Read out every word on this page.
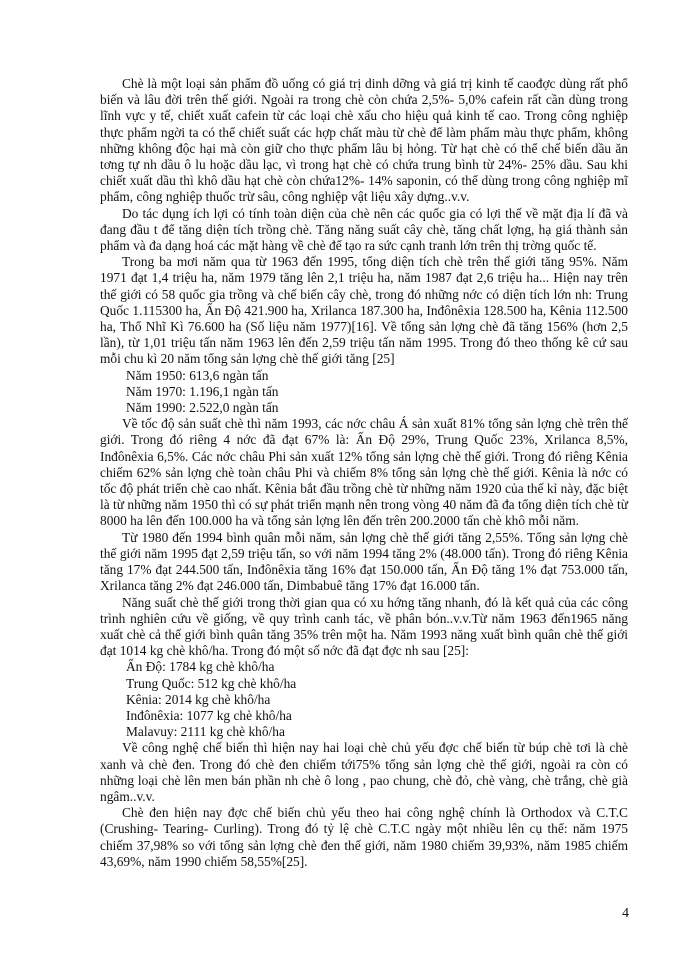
Chè là một loại sản phẩm đồ uống có giá trị dinh dỡng và giá trị kinh tế caođợc dùng rất phổ biến và lâu đời trên thế giới. Ngoài ra trong chè còn chứa 2,5%- 5,0% cafein rất cần dùng trong lĩnh vực y tế, chiết xuất cafein từ các loại chè xấu cho hiệu quả kinh tế cao. Trong công nghiệp thực phẩm ngời ta có thể chiết suất các hợp chất màu từ chè để làm phẩm màu thực phẩm, không những không độc hại mà còn giữ cho thực phẩm lâu bị hỏng. Từ hạt chè có thể chế biến dầu ăn tơng tự nh dầu ô lu hoặc dầu lạc, vì trong hạt chè có chứa trung bình từ 24%- 25% dầu. Sau khi chiết xuất dầu thì khô dầu hạt chè còn chứa12%- 14% saponin, có thể dùng trong công nghiệp mĩ phẩm, công nghiệp thuốc trừ sâu, công nghiệp vật liệu xây dựng..v.v.

Do tác dụng ích lợi có tính toàn diện của chè nên các quốc gia có lợi thế về mặt địa lí đã và đang đầu t để tăng diện tích trồng chè. Tăng năng suất cây chè, tăng chất lợng, hạ giá thành sản phẩm và đa dạng hoá các mặt hàng về chè để tạo ra sức cạnh tranh lớn trên thị trờng quốc tế.

Trong ba mơi năm qua từ 1963 đến 1995, tổng diện tích chè trên thế giới tăng 95%. Năm 1971 đạt 1,4 triệu ha, năm 1979 tăng lên 2,1 triệu ha, năm 1987 đạt 2,6 triệu ha... Hiện nay trên thế giới có 58 quốc gia trồng và chế biến cây chè, trong đó những nớc có diện tích lớn nh: Trung Quốc 1.115300 ha, Ấn Độ 421.900 ha, Xrilanca 187.300 ha, Inđônêxia 128.500 ha, Kênia 112.500 ha, Thổ Nhĩ Kì 76.600 ha (Số liệu năm 1977)[16]. Về tổng sản lợng chè đã tăng 156% (hơn 2,5 lần), từ 1,01 triệu tấn năm 1963 lên đến 2,59 triệu tấn năm 1995. Trong đó theo thống kê cứ sau mỗi chu kì 20 năm tổng sản lợng chè thế giới tăng [25]

Năm 1950: 613,6 ngàn tấn

Năm 1970: 1.196,1 ngàn tấn

Năm 1990: 2.522,0 ngàn tấn

Về tốc độ sản suất chè thì năm 1993, các nớc châu Á sản xuất 81% tổng sản lợng chè trên thế giới. Trong đó riêng 4 nớc đã đạt 67% là: Ấn Độ 29%, Trung Quốc 23%, Xrilanca 8,5%, Inđônêxia 6,5%. Các nớc châu Phi sản xuất 12% tổng sản lợng chè thế giới. Trong đó riêng Kênia chiếm 62% sản lợng chè toàn châu Phi và chiếm 8% tổng sản lợng chè thế giới. Kênia là nớc có tốc độ phát triển chè cao nhất. Kênia bắt đầu trồng chè từ những năm 1920 của thế kỉ này, đặc biệt là từ những năm 1950 thì có sự phát triển mạnh nên trong vòng 40 năm đã đa tổng diện tích chè từ 8000 ha lên đến 100.000 ha và tổng sản lợng lên đến trên 200.2000 tấn chè khô mỗi năm.

Từ 1980 đến 1994 bình quân mỗi năm, sản lợng chè thế giới tăng 2,55%. Tổng sản lợng chè thế giới năm 1995 đạt 2,59 triệu tấn, so với năm 1994 tăng 2% (48.000 tấn). Trong đó riêng Kênia tăng 17% đạt 244.500 tấn, Inđônêxia tăng 16% đạt 150.000 tấn, Ấn Độ tăng 1% đạt 753.000 tấn, Xrilanca tăng 2% đạt 246.000 tấn, Dimbabuê tăng 17% đạt 16.000 tấn.

Năng suất chè thế giới trong thời gian qua có xu hớng tăng nhanh, đó là kết quả của các công trình nghiên cứu về giống, về quy trình canh tác, về phân bón..v.v.Từ năm 1963 đến1965 năng xuất chè cả thế giới bình quân tăng 35% trên một ha. Năm 1993 năng xuất bình quân chè thế giới đạt 1014 kg chè khô/ha. Trong đó một số nớc đã đạt đợc nh sau [25]:

Ấn Độ: 1784 kg chè khô/ha

Trung Quốc: 512 kg chè khô/ha

Kênia: 2014 kg chè khô/ha

Inđônêxia: 1077 kg chè khô/ha

Malavuy: 2111 kg chè khô/ha

Về công nghệ chế biến thì hiện nay hai loại chè chủ yếu đợc chế biến từ búp chè tơi là chè xanh và chè đen. Trong đó chè đen chiếm tới75% tổng sản lợng chè thế giới, ngoài ra còn có những loại chè lên men bán phần nh chè ô long , pao chung, chè đỏ, chè vàng, chè trắng, chè già ngâm..v.v.

Chè đen hiện nay đợc chế biến chủ yếu theo hai công nghệ chính là Orthodox và C.T.C (Crushing- Tearing- Curling). Trong đó tỷ lệ chè C.T.C ngày một nhiều lên cụ thể: năm 1975 chiếm 37,98% so với tổng sản lợng chè đen thế giới, năm 1980 chiếm 39,93%, năm 1985 chiếm 43,69%, năm 1990 chiếm 58,55%[25].

4
